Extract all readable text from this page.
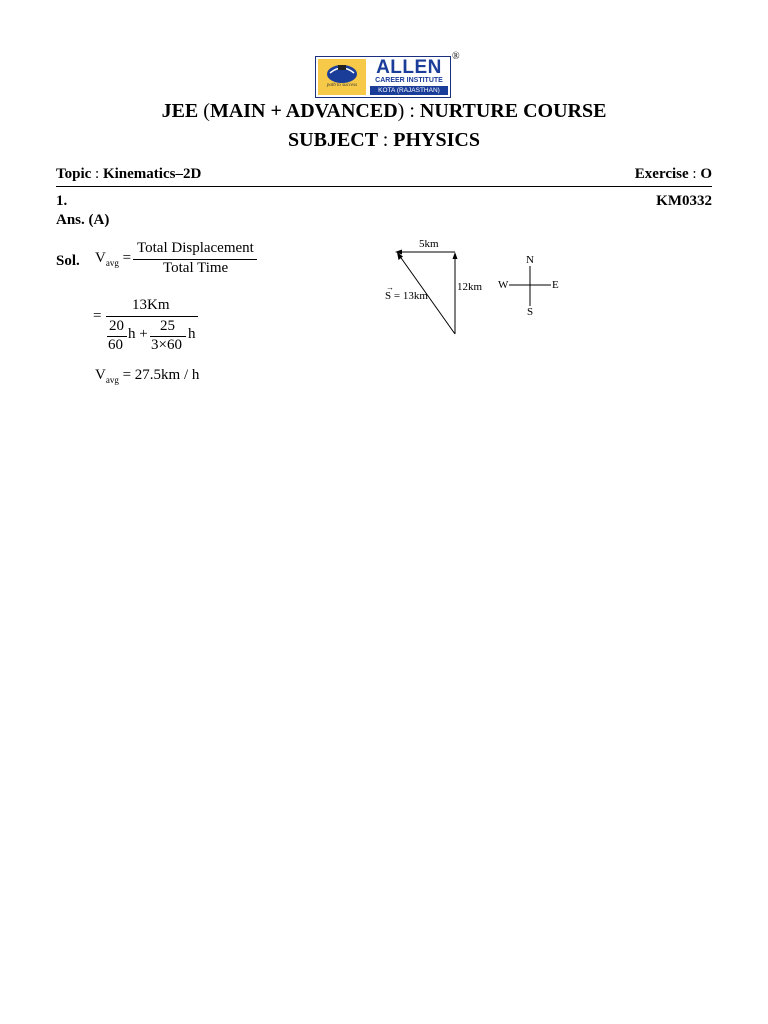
path to success
ALLEN
CAREER INSTITUTE
KOTA (RAJASTHAN)
®
JEE (MAIN + ADVANCED) : NURTURE COURSE
SUBJECT : PHYSICS
Topic : Kinematics–2D	Exercise : O
1.	KM0332
Ans. (A)
Sol. $V_{avg}$ =
Total Displacement
Total Time
=
13Km
20
60
h + 25
3×60
h
$V_{avg} = 27.5km / h$
5km
12km
→
S = 13km
N
S
W	E
